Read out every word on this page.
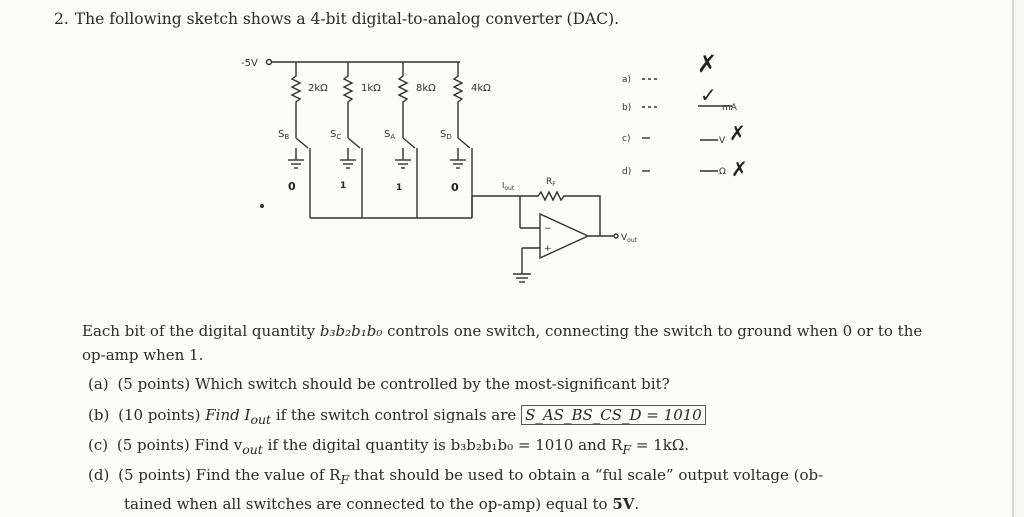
2. The following sketch shows a 4-bit digital-to-analog converter (DAC).
-5V
2kΩ	1kΩ	8kΩ	4kΩ
$S_B$	$S_C$	$S_A$	$S_D$
$I_{out}$
$R_F$
−
+
$V_{out}$
a)
b)
c)
d)
mA
V
Ω
0	1	1	0
✗
✓
✗
✗
Each bit of the digital quantity b₃b₂b₁b₀ controls one switch, connecting the switch to ground when 0 or to the op-amp when 1.
(a) (5 points) Which switch should be controlled by the most-significant bit?
(b) (10 points) Find $I_{out}$ if the switch control signals are S_AS_BS_CS_D = 1010
(c) (5 points) Find $v_{out}$ if the digital quantity is b₃b₂b₁b₀ = 1010 and $R_F = 1k\Omega$.
(d) (5 points) Find the value of $R_F$ that should be used to obtain a “ful scale” output voltage (ob-
tained when all switches are connected to the op-amp) equal to 5V.
